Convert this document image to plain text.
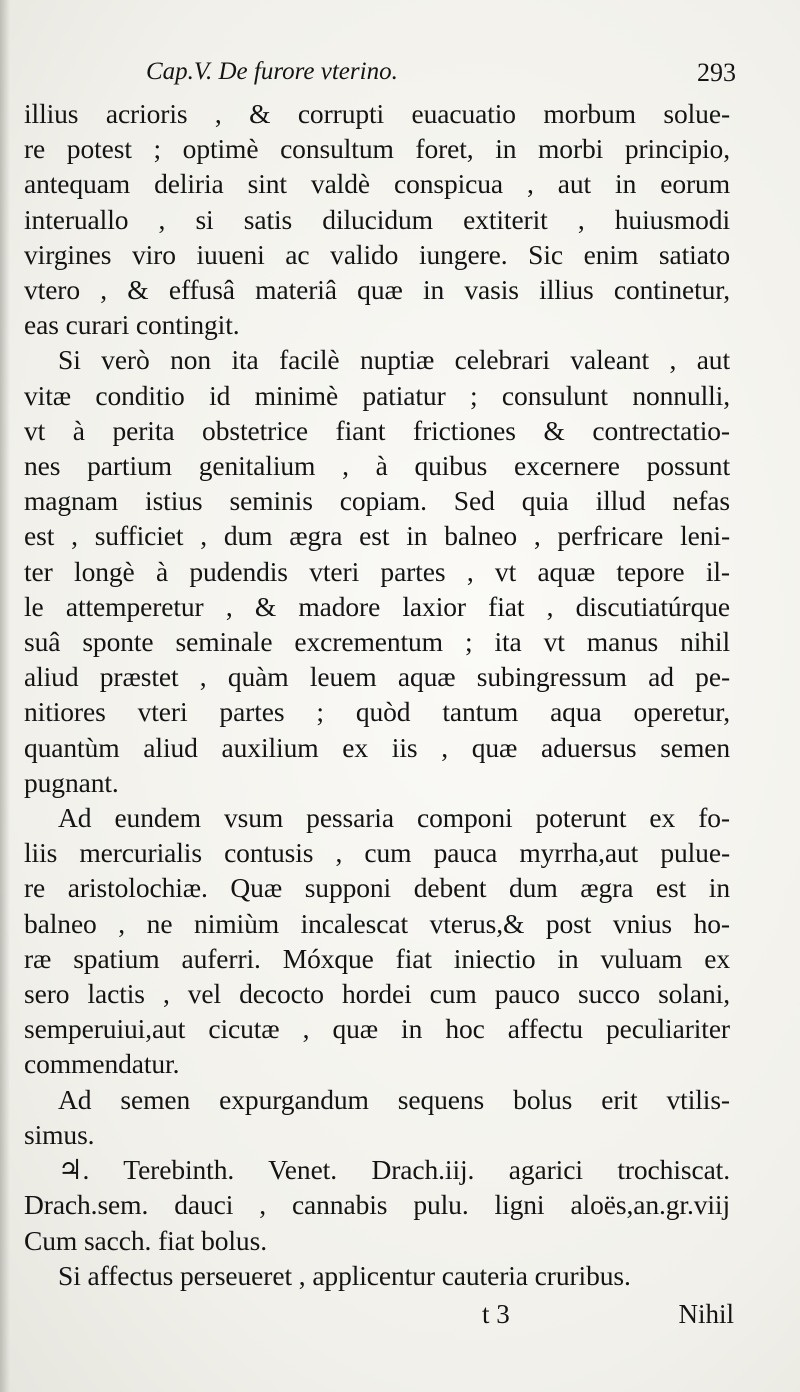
Cap.V. De furore vterino.	293
illius acrioris , & corrupti euacuatio morbum solue-
re potest ; optimè consultum foret, in morbi principio,
antequam deliria sint valdè conspicua , aut in eorum
interuallo , si satis dilucidum extiterit , huiusmodi
virgines viro iuueni ac valido iungere. Sic enim satiato
vtero , & effusâ materiâ quæ in vasis illius continetur,
eas curari contingit.
Si verò non ita facilè nuptiæ celebrari valeant , aut
vitæ conditio id minimè patiatur ; consulunt nonnulli,
vt à perita obstetrice fiant frictiones & contrectatio-
nes partium genitalium , à quibus excernere possunt
magnam istius seminis copiam. Sed quia illud nefas
est , sufficiet , dum ægra est in balneo , perfricare leni-
ter longè à pudendis vteri partes , vt aquæ tepore il-
le attemperetur , & madore laxior fiat , discutiatúrque
suâ sponte seminale excrementum ; ita vt manus nihil
aliud præstet , quàm leuem aquæ subingressum ad pe-
nitiores vteri partes ; quòd tantum aqua operetur,
quantùm aliud auxilium ex iis , quæ aduersus semen
pugnant.
Ad eundem vsum pessaria componi poterunt ex fo-
liis mercurialis contusis , cum pauca myrrha,aut puluе-
re aristolochiæ. Quæ supponi debent dum ægra est in
balneo , ne nimiùm incalescat vterus,& post vnius ho-
ræ spatium auferri. Móxque fiat iniectio in vuluam ex
sero lactis , vel decocto hordei cum pauco succo solani,
semperuiui,aut cicutæ , quæ in hoc affectu peculiariter
commendatur.
Ad semen expurgandum sequens bolus erit vtilis-
simus.
♃. Terebinth. Venet. Drach.iij. agarici trochiscat.
Drach.sem. dauci , cannabis pulu. ligni aloës,an.gr.viij
Cum sacch. fiat bolus.
Si affectus perseueret , applicentur cauteria cruribus.
t 3	Nihil
